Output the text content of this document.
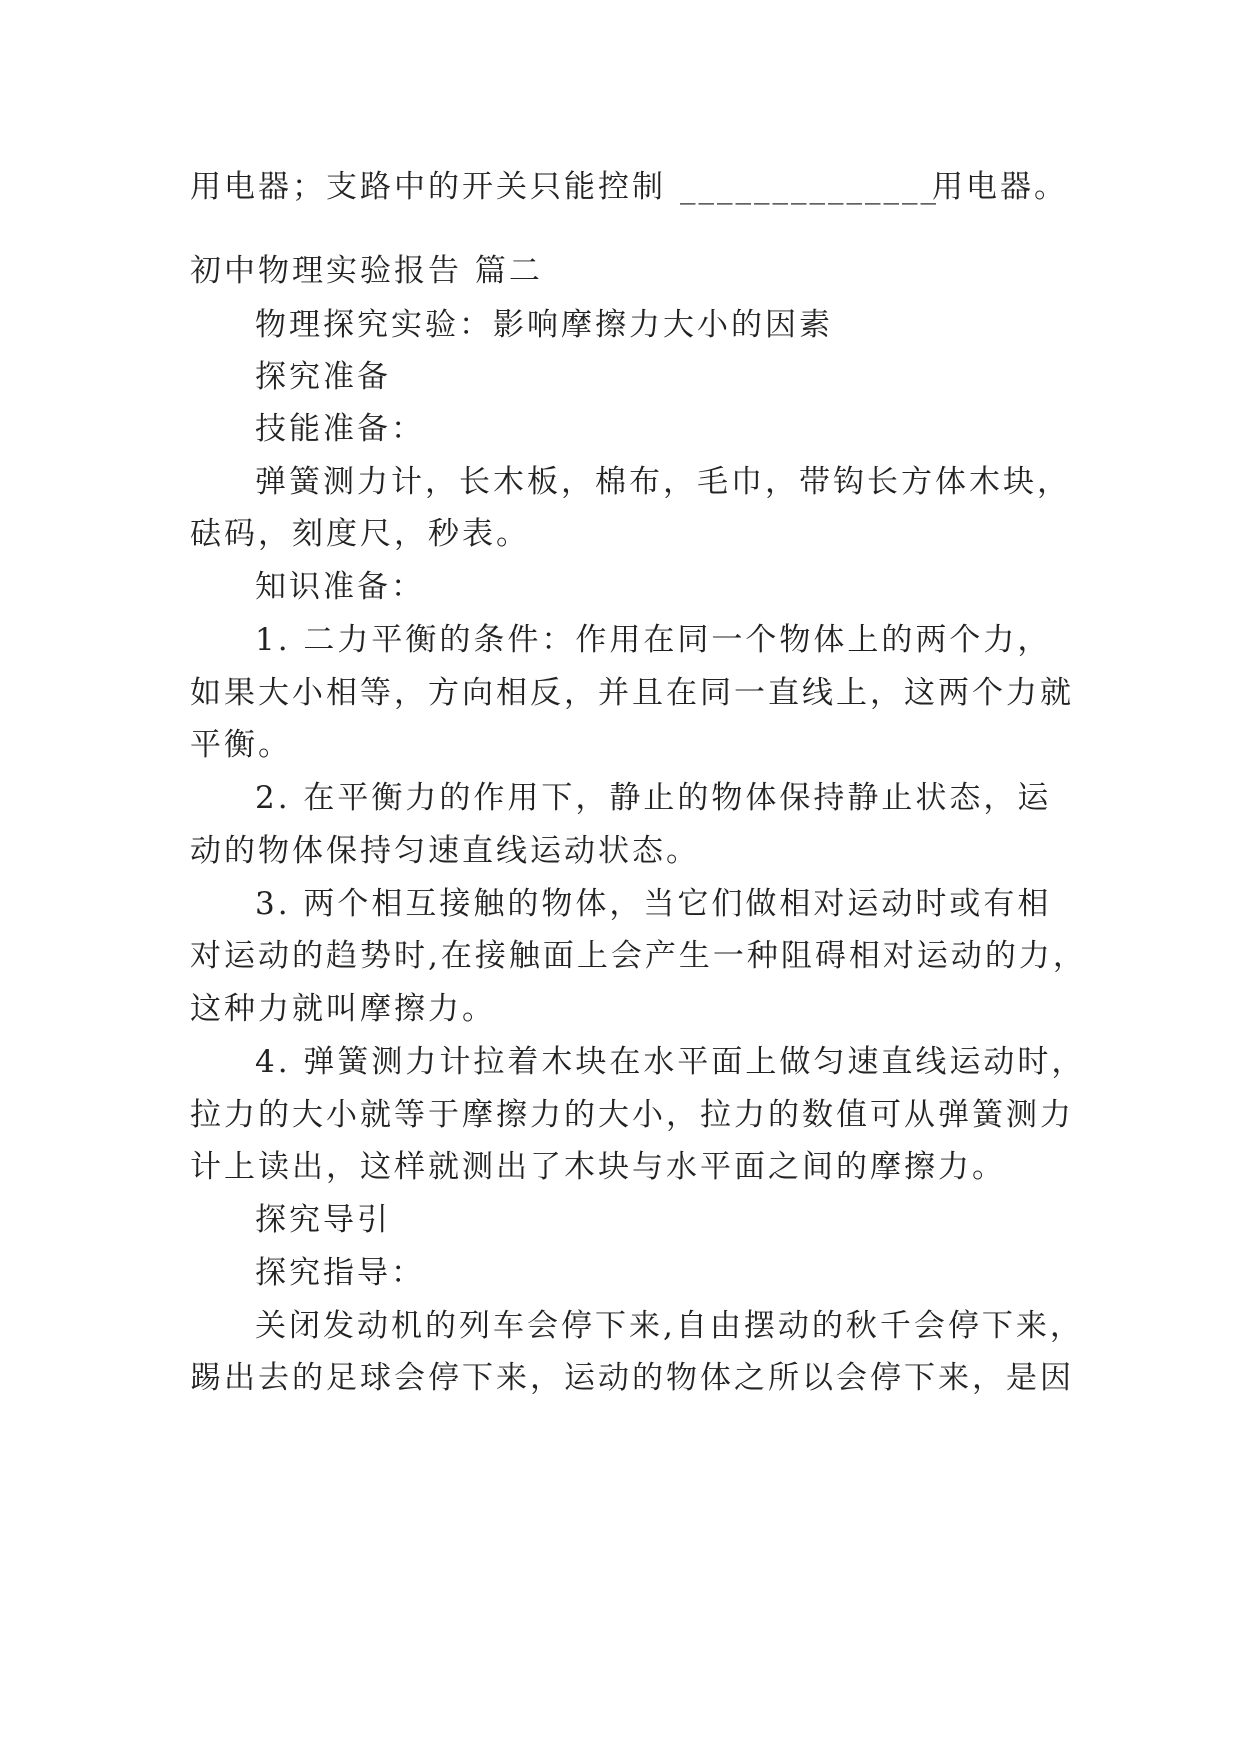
用电器；支路中的开关只能控制 ______________用电器。
初中物理实验报告 篇二
物理探究实验：影响摩擦力大小的因素
探究准备
技能准备：
弹簧测力计，长木板，棉布，毛巾，带钩长方体木块，
砝码，刻度尺，秒表。
知识准备：
1. 二力平衡的条件：作用在同一个物体上的两个力，
如果大小相等，方向相反，并且在同一直线上，这两个力就
平衡。
2. 在平衡力的作用下，静止的物体保持静止状态，运
动的物体保持匀速直线运动状态。
3. 两个相互接触的物体，当它们做相对运动时或有相
对运动的趋势时,在接触面上会产生一种阻碍相对运动的力，
这种力就叫摩擦力。
4. 弹簧测力计拉着木块在水平面上做匀速直线运动时，
拉力的大小就等于摩擦力的大小，拉力的数值可从弹簧测力
计上读出，这样就测出了木块与水平面之间的摩擦力。
探究导引
探究指导：
关闭发动机的列车会停下来,自由摆动的秋千会停下来，
踢出去的足球会停下来，运动的物体之所以会停下来，是因
